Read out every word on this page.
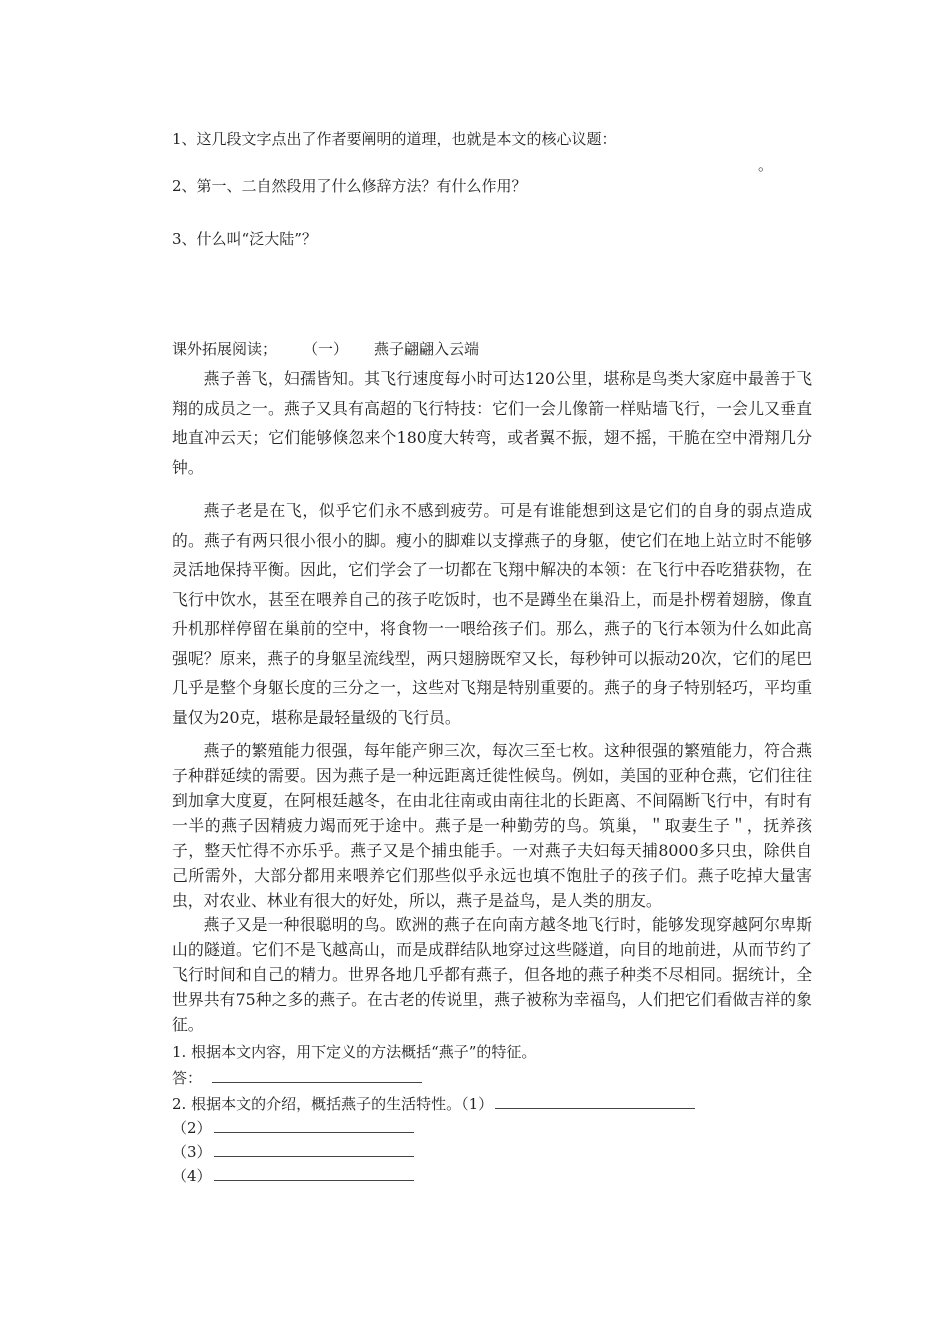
1、这几段文字点出了作者要阐明的道理，也就是本文的核心议题：
。
2、第一、二自然段用了什么修辞方法？有什么作用？
3、什么叫“泛大陆”？
课外拓展阅读； （一） 燕子翩翩入云端

燕子善飞，妇孺皆知。其飞行速度每小时可达120公里，堪称是鸟类大家庭中最善于飞翔的成员之一。燕子又具有高超的飞行特技：它们一会儿像箭一样贴墙飞行，一会儿又垂直地直冲云天；它们能够倏忽来个180度大转弯，或者翼不振，翅不摇，干脆在空中滑翔几分钟。

燕子老是在飞，似乎它们永不感到疲劳。可是有谁能想到这是它们的自身的弱点造成的。燕子有两只很小很小的脚。瘦小的脚难以支撑燕子的身躯，使它们在地上站立时不能够灵活地保持平衡。因此，它们学会了一切都在飞翔中解决的本领：在飞行中吞吃猎获物，在飞行中饮水，甚至在喂养自己的孩子吃饭时，也不是蹲坐在巢沿上，而是扑楞着翅膀，像直升机那样停留在巢前的空中，将食物一一喂给孩子们。那么，燕子的飞行本领为什么如此高强呢？原来，燕子的身躯呈流线型，两只翅膀既窄又长，每秒钟可以振动20次，它们的尾巴几乎是整个身躯长度的三分之一，这些对飞翔是特别重要的。燕子的身子特别轻巧，平均重量仅为20克，堪称是最轻量级的飞行员。

燕子的繁殖能力很强，每年能产卵三次，每次三至七枚。这种很强的繁殖能力，符合燕子种群延续的需要。因为燕子是一种远距离迁徙性候鸟。例如，美国的亚种仓燕，它们往往到加拿大度夏，在阿根廷越冬，在由北往南或由南往北的长距离、不间隔断飞行中，有时有一半的燕子因精疲力竭而死于途中。燕子是一种勤劳的鸟。筑巢，＂取妻生子＂，抚养孩子，整天忙得不亦乐乎。燕子又是个捕虫能手。一对燕子夫妇每天捕8000多只虫，除供自己所需外，大部分都用来喂养它们那些似乎永远也填不饱肚子的孩子们。燕子吃掉大量害虫，对农业、林业有很大的好处，所以，燕子是益鸟，是人类的朋友。

燕子又是一种很聪明的鸟。欧洲的燕子在向南方越冬地飞行时，能够发现穿越阿尔卑斯山的隧道。它们不是飞越高山，而是成群结队地穿过这些隧道，向目的地前进，从而节约了飞行时间和自己的精力。世界各地几乎都有燕子，但各地的燕子种类不尽相同。据统计，全世界共有75种之多的燕子。在古老的传说里，燕子被称为幸福鸟，人们把它们看做吉祥的象征。

1. 根据本文内容，用下定义的方法概括“燕子”的特征。
答：
2. 根据本文的介绍，概括燕子的生活特性。（1）
（2）
（3）
（4）
